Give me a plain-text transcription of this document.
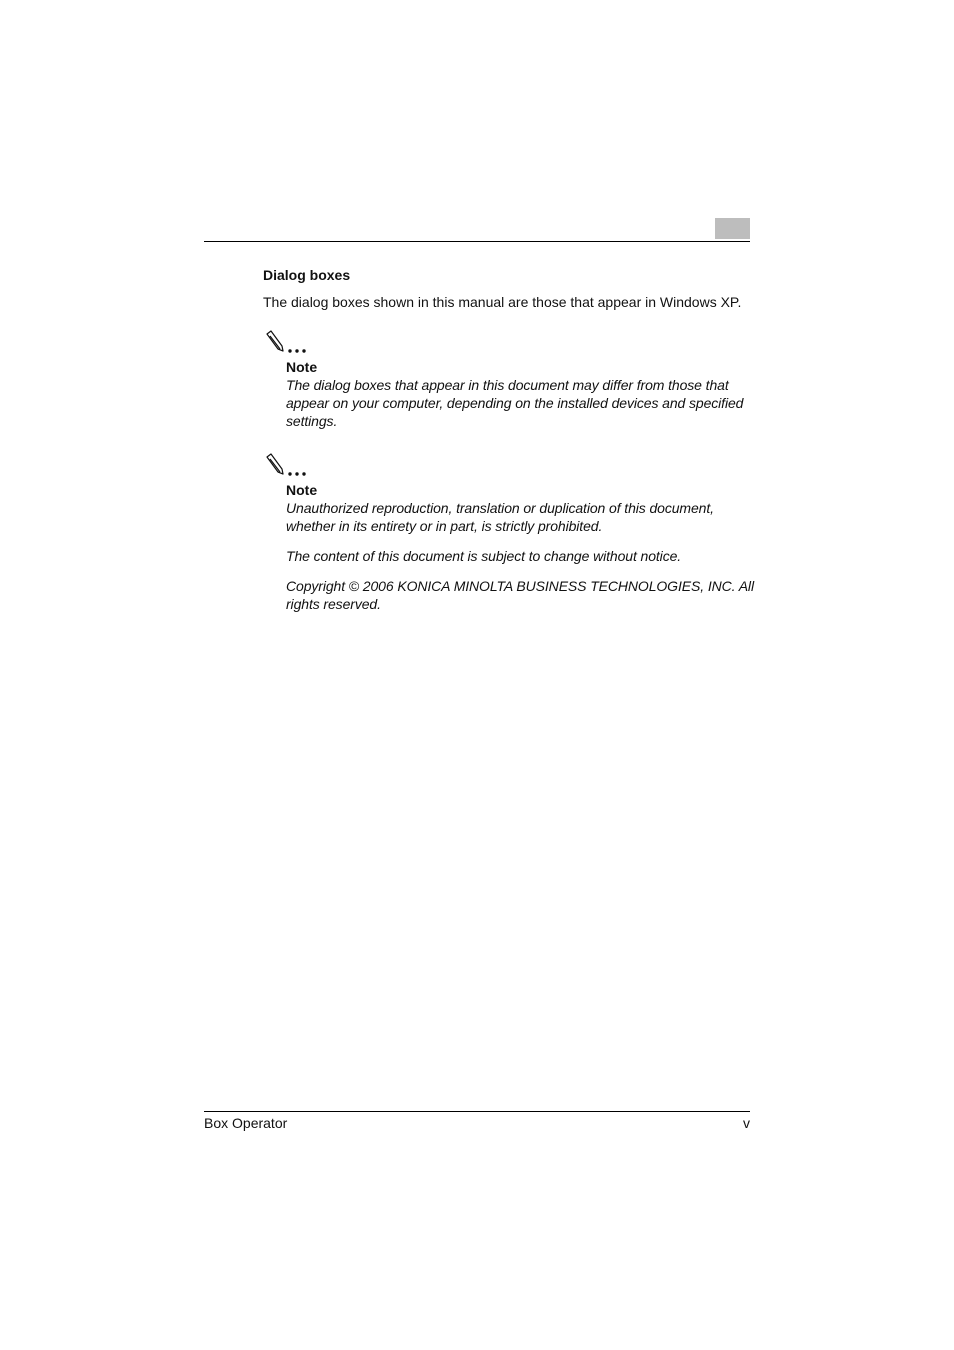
Dialog boxes

The dialog boxes shown in this manual are those that appear in Windows XP.

Note

The dialog boxes that appear in this document may differ from those that appear on your computer, depending on the installed devices and specified settings.

Note

Unauthorized reproduction, translation or duplication of this document, whether in its entirety or in part, is strictly prohibited.

The content of this document is subject to change without notice.

Copyright © 2006 KONICA MINOLTA BUSINESS TECHNOLOGIES, INC. All rights reserved.

Box Operator	v
